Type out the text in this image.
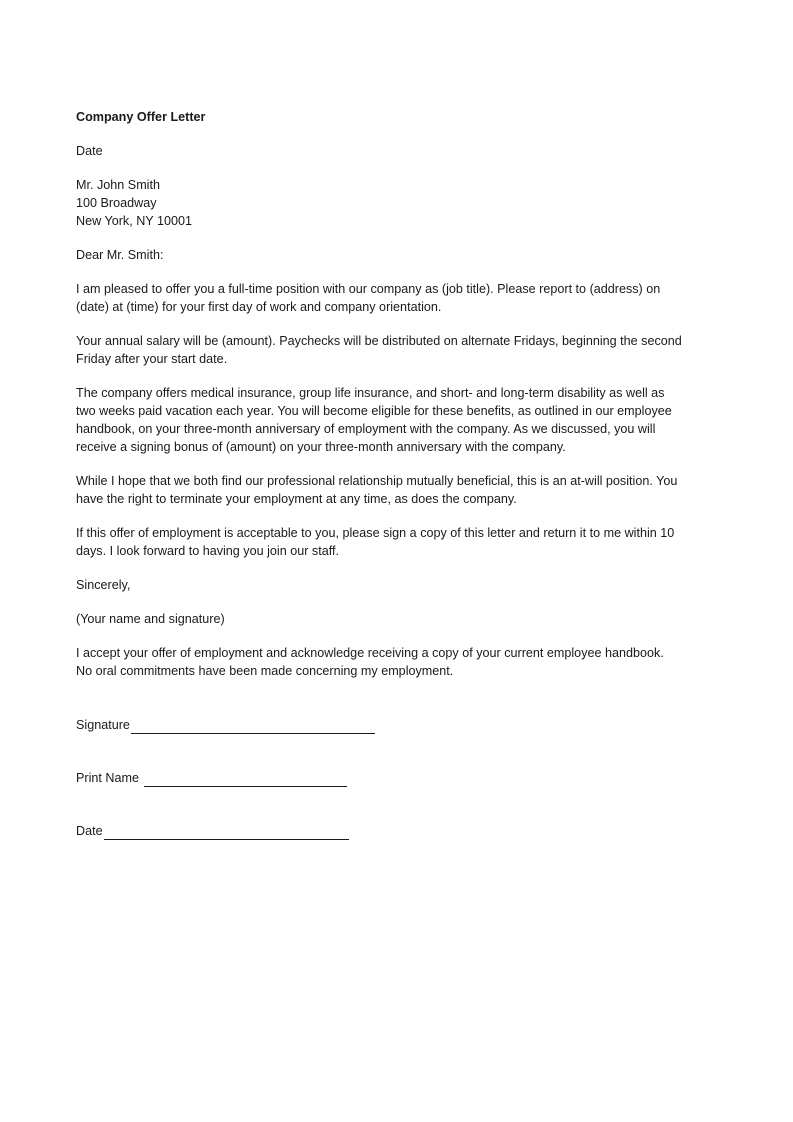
Company Offer Letter
Date
Mr. John Smith
100 Broadway
New York, NY 10001
Dear Mr. Smith:
I am pleased to offer you a full-time position with our company as (job title). Please report to (address) on
(date) at (time) for your first day of work and company orientation.
Your annual salary will be (amount). Paychecks will be distributed on alternate Fridays, beginning the second
Friday after your start date.
The company offers medical insurance, group life insurance, and short- and long-term disability as well as
two weeks paid vacation each year. You will become eligible for these benefits, as outlined in our employee
handbook, on your three-month anniversary of employment with the company. As we discussed, you will
receive a signing bonus of (amount) on your three-month anniversary with the company.
While I hope that we both find our professional relationship mutually beneficial, this is an at-will position. You
have the right to terminate your employment at any time, as does the company.
If this offer of employment is acceptable to you, please sign a copy of this letter and return it to me within 10
days. I look forward to having you join our staff.
Sincerely,
(Your name and signature)
I accept your offer of employment and acknowledge receiving a copy of your current employee handbook.
No oral commitments have been made concerning my employment.
Signature
Print Name
Date
